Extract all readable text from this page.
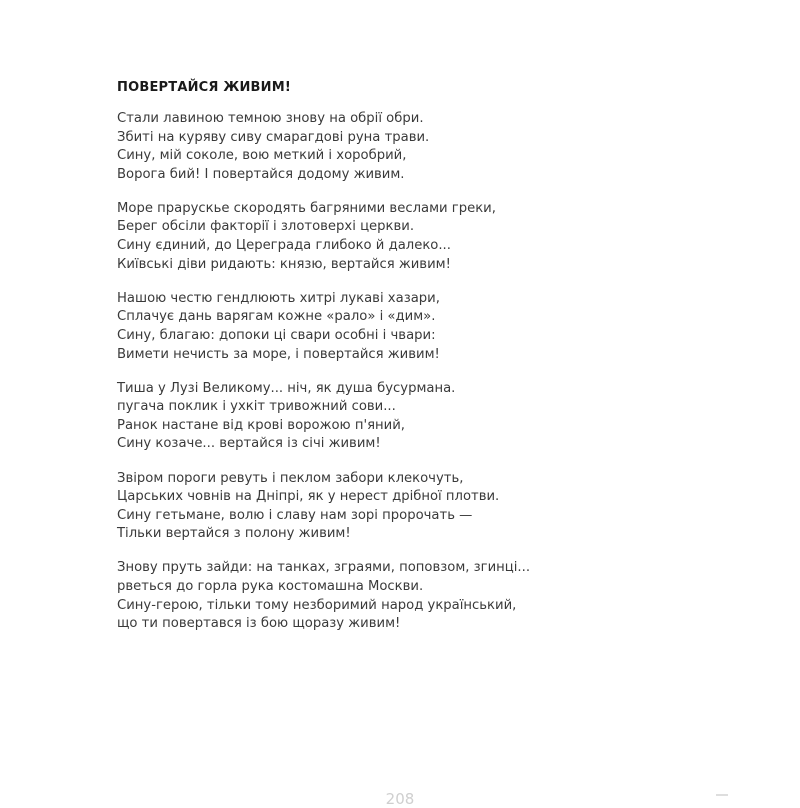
ПОВЕРТАЙСЯ ЖИВИМ!
Стали лавиною темною знову на обрії обри.
Збиті на куряву сиву смарагдові руна трави.
Сину, мій соколе, вою меткий і хоробрий,
Ворога бий! І повертайся додому живим.
Море прарускье скородять багряними веслами греки,
Берег обсіли факторії і злотоверхі церкви.
Сину єдиний, до Цереграда глибоко й далеко...
Київські діви ридають: князю, вертайся живим!
Нашою честю гендлюють хитрі лукаві хазари,
Сплачує дань варягам кожне «рало» і «дим».
Сину, благаю: допоки ці свари особні і чвари:
Вимети нечисть за море, і повертайся живим!
Тиша у Лузі Великому... ніч, як душа бусурмана.
пугача поклик і ухкіт тривожний сови...
Ранок настане від крові ворожою п'яний,
Сину козаче... вертайся із січі живим!
Звіром пороги ревуть і пеклом забори клекочуть,
Царських човнів на Дніпрі, як у нерест дрібної плотви.
Сину гетьмане, волю і славу нам зорі пророчать —
Тільки вертайся з полону живим!
Знову пруть зайди: на танках, зграями, поповзом, згинці...
рветься до горла рука костомашна Москви.
Сину-герою, тільки тому незборимий народ український,
що ти повертався із бою щоразу живим!
208
